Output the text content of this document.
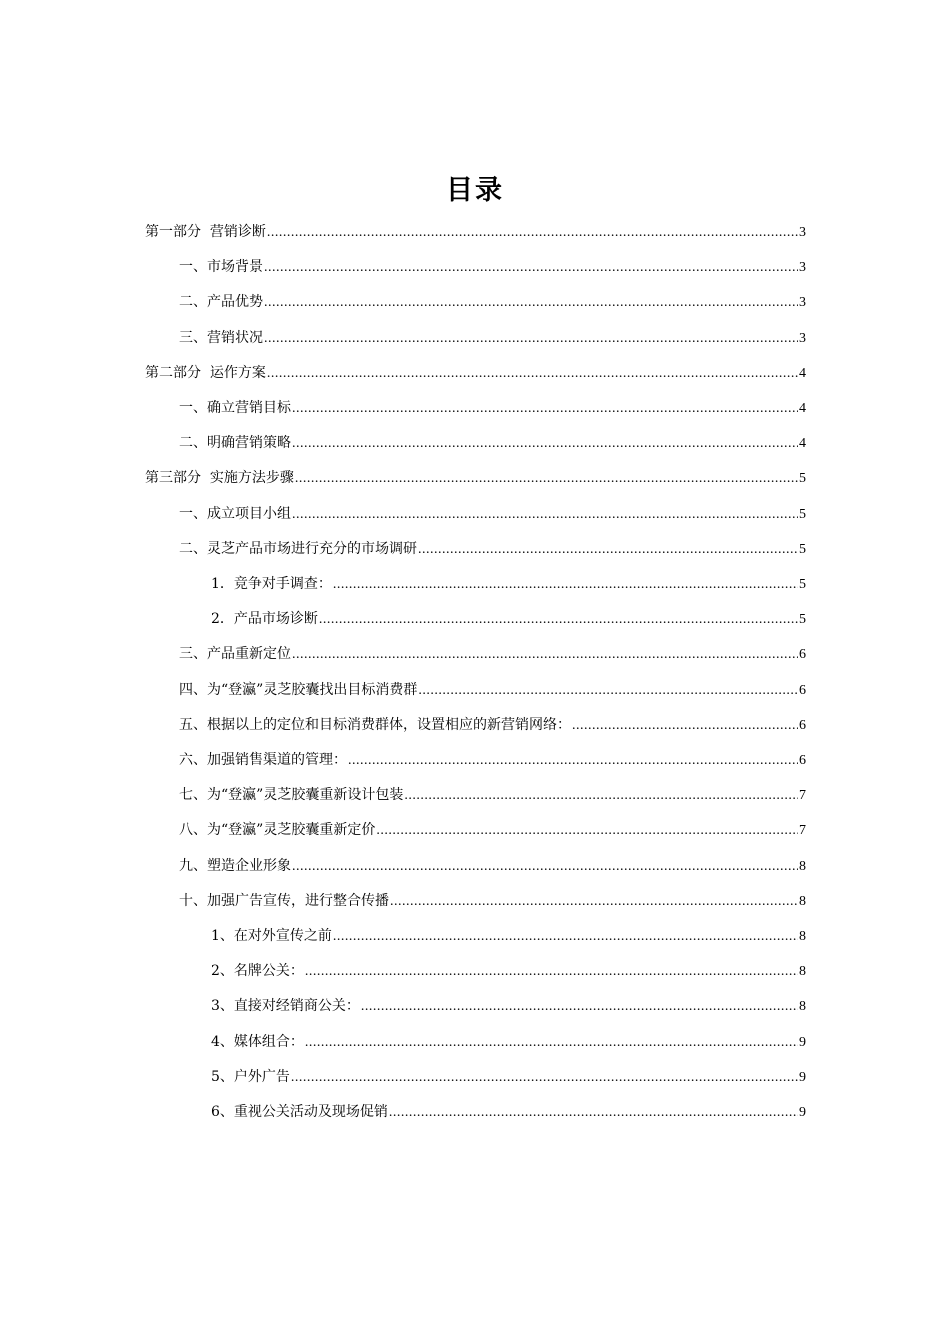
目录
第一部分  营销诊断 .....	3
一、市场背景 .....	3
二、产品优势 .....	3
三、营销状况 .....	3
第二部分  运作方案 .....	4
一、确立营销目标 .....	4
二、明确营销策略 .....	4
第三部分  实施方法步骤 .....	5
一、成立项目小组 .....	5
二、灵芝产品市场进行充分的市场调研 .....	5
1．竞争对手调查： .....	5
2．产品市场诊断 .....	5
三、产品重新定位 .....	6
四、为“登瀛”灵芝胶囊找出目标消费群 .....	6
五、根据以上的定位和目标消费群体，设置相应的新营销网络： .....	6
六、加强销售渠道的管理： .....	6
七、为“登瀛”灵芝胶囊重新设计包装 .....	7
八、为“登瀛”灵芝胶囊重新定价 .....	7
九、塑造企业形象 .....	8
十、加强广告宣传，进行整合传播 .....	8
1、在对外宣传之前 .....	8
2、名牌公关： .....	8
3、直接对经销商公关： .....	8
4、媒体组合： .....	9
5、户外广告 .....	9
6、重视公关活动及现场促销 .....	9
